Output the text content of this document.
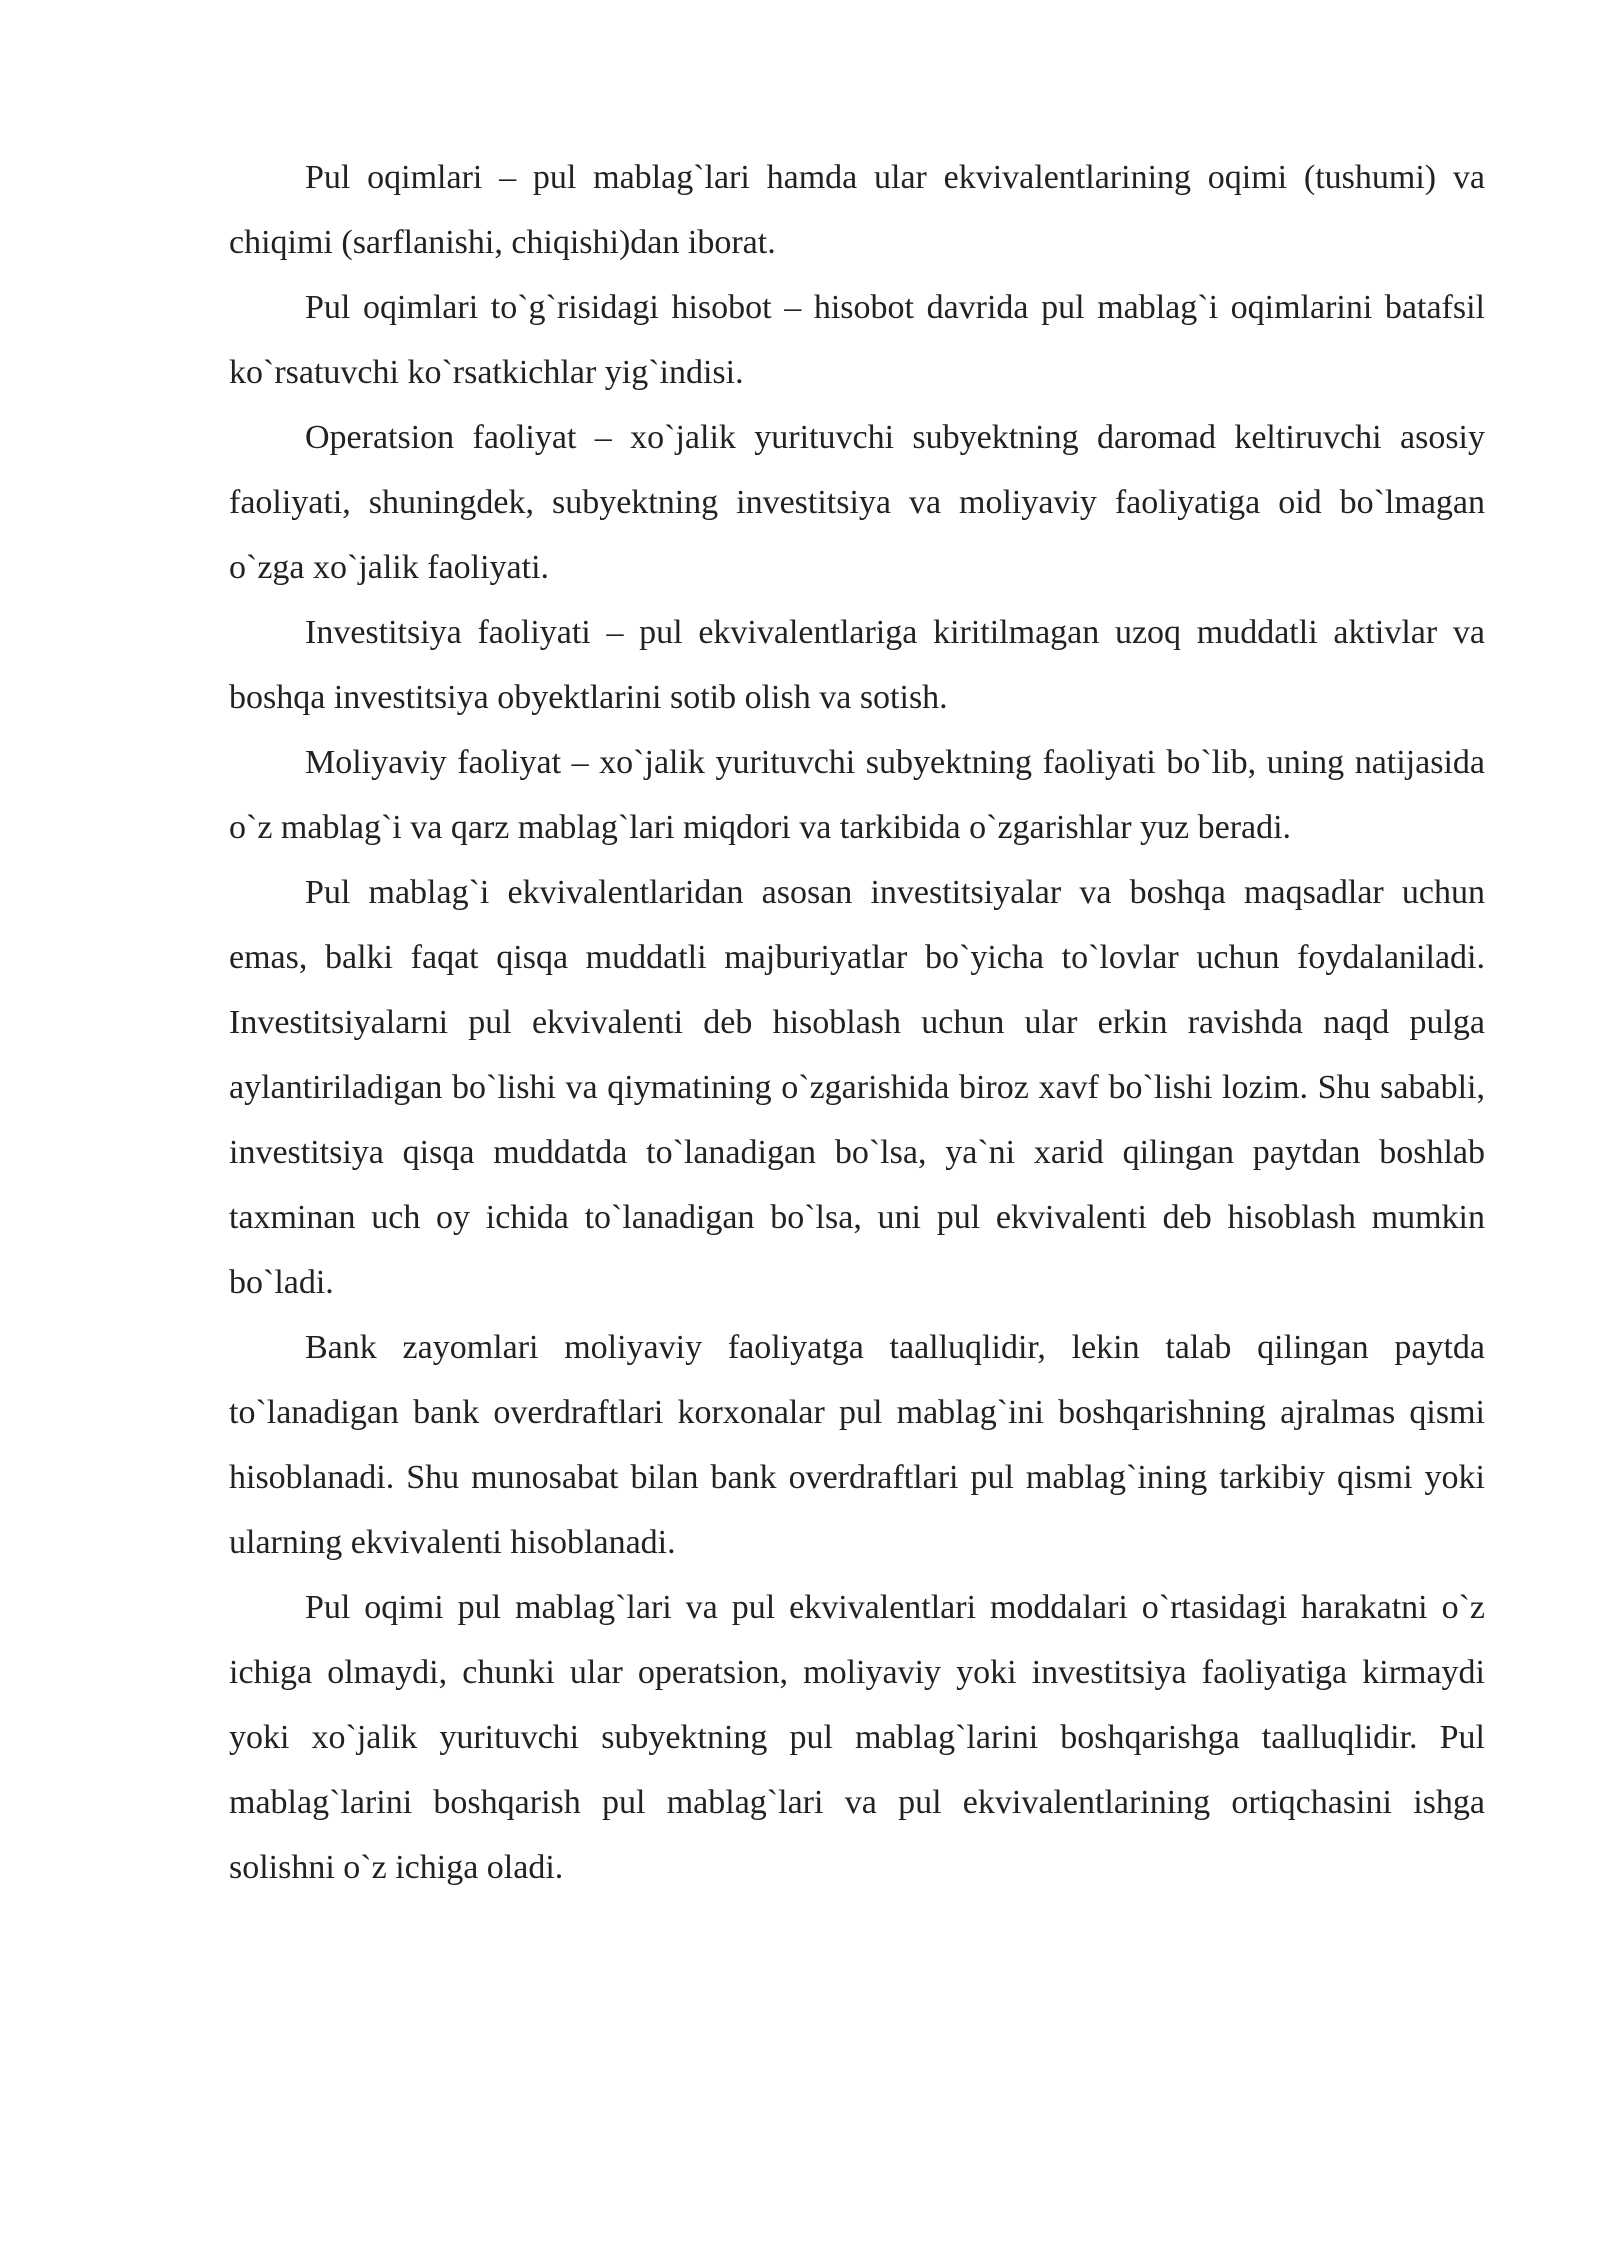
Pul oqimlari – pul mablag`lari hamda ular ekvivalentlarining oqimi (tushumi) va chiqimi (sarflanishi, chiqishi)dan iborat.

Pul oqimlari to`g`risidagi hisobot – hisobot davrida pul mablag`i oqimlarini batafsil ko`rsatuvchi ko`rsatkichlar yig`indisi.

Operatsion faoliyat – xo`jalik yurituvchi subyektning daromad keltiruvchi asosiy faoliyati, shuningdek, subyektning investitsiya va moliyaviy faoliyatiga oid bo`lmagan o`zga xo`jalik faoliyati.

Investitsiya faoliyati – pul ekvivalentlariga kiritilmagan uzoq muddatli aktivlar va boshqa investitsiya obyektlarini sotib olish va sotish.

Moliyaviy faoliyat – xo`jalik yurituvchi subyektning faoliyati bo`lib, uning natijasida o`z mablag`i va qarz mablag`lari miqdori va tarkibida o`zgarishlar yuz beradi.

Pul mablag`i ekvivalentlaridan asosan investitsiyalar va boshqa maqsadlar uchun emas, balki faqat qisqa muddatli majburiyatlar bo`yicha to`lovlar uchun foydalaniladi. Investitsiyalarni pul ekvivalenti deb hisoblash uchun ular erkin ravishda naqd pulga aylantiriladigan bo`lishi va qiymatining o`zgarishida biroz xavf bo`lishi lozim. Shu sababli, investitsiya qisqa muddatda to`lanadigan bo`lsa, ya`ni xarid qilingan paytdan boshlab taxminan uch oy ichida to`lanadigan bo`lsa, uni pul ekvivalenti deb hisoblash mumkin bo`ladi.

Bank zayomlari moliyaviy faoliyatga taalluqlidir, lekin talab qilingan paytda to`lanadigan bank overdraftlari korxonalar pul mablag`ini boshqarishning ajralmas qismi hisoblanadi. Shu munosabat bilan bank overdraftlari pul mablag`ining tarkibiy qismi yoki ularning ekvivalenti hisoblanadi.

Pul oqimi pul mablag`lari va pul ekvivalentlari moddalari o`rtasidagi harakatni o`z ichiga olmaydi, chunki ular operatsion, moliyaviy yoki investitsiya faoliyatiga kirmaydi yoki xo`jalik yurituvchi subyektning pul mablag`larini boshqarishga taalluqlidir. Pul mablag`larini boshqarish pul mablag`lari va pul ekvivalentlarining ortiqchasini ishga solishni o`z ichiga oladi.
